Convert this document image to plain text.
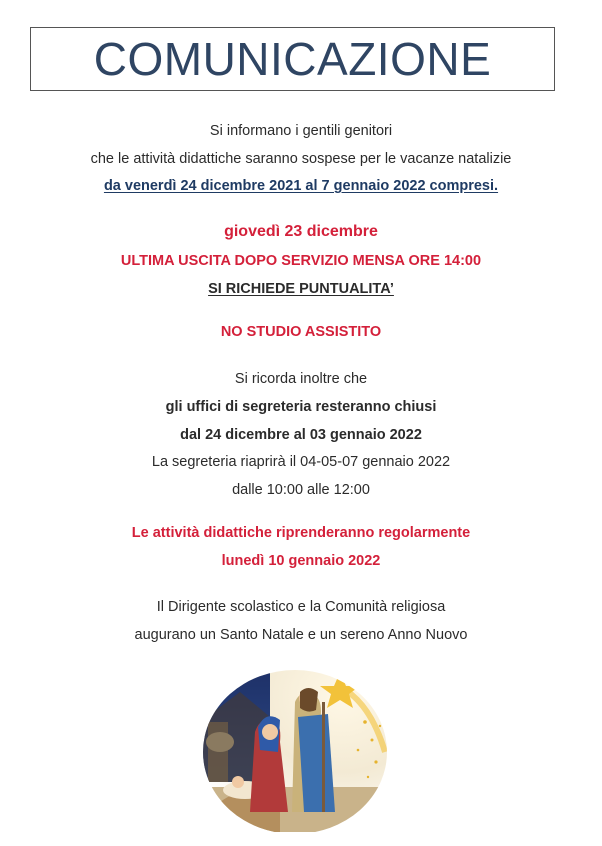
COMUNICAZIONE
Si informano i gentili genitori
che le attività didattiche saranno sospese per le vacanze natalizie
da venerdì 24 dicembre 2021 al 7 gennaio 2022 compresi.
giovedì 23 dicembre
ULTIMA USCITA DOPO SERVIZIO MENSA ORE 14:00
SI RICHIEDE PUNTUALITA’
NO STUDIO ASSISTITO
Si ricorda inoltre che
gli uffici di segreteria resteranno chiusi
dal 24 dicembre al 03 gennaio 2022
La segreteria riaprirà il 04-05-07 gennaio 2022
dalle 10:00 alle 12:00
Le attività didattiche riprenderanno regolarmente
lunedì 10 gennaio 2022
Il Dirigente scolastico e la Comunità religiosa
augurano un Santo Natale e un sereno Anno Nuovo
